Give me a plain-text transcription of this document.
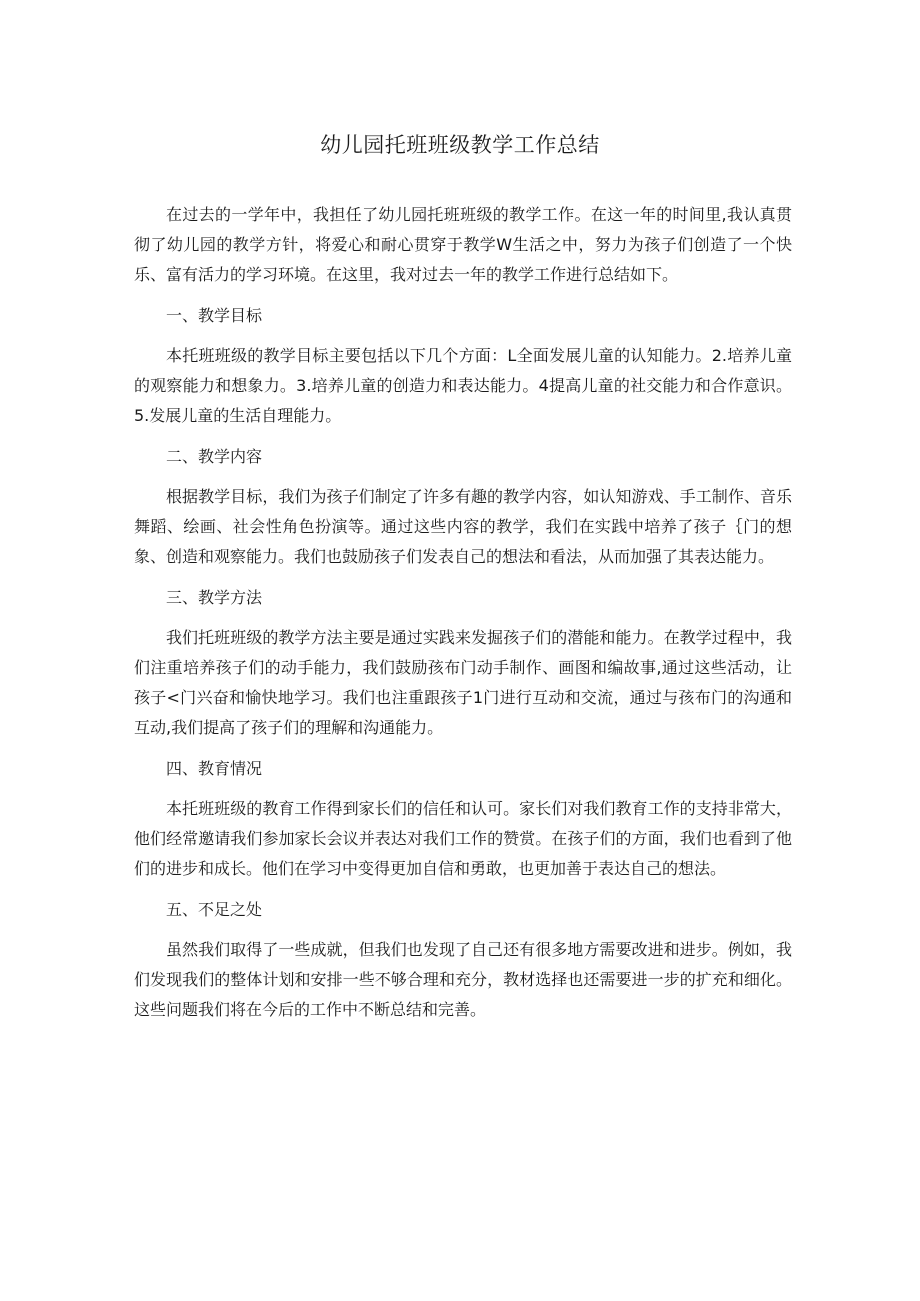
幼儿园托班班级教学工作总结

在过去的一学年中，我担任了幼儿园托班班级的教学工作。在这一年的时间里,我认真贯彻了幼儿园的教学方针，将爱心和耐心贯穿于教学W生活之中，努力为孩子们创造了一个快乐、富有活力的学习环境。在这里，我对过去一年的教学工作进行总结如下。

一、教学目标

本托班班级的教学目标主要包括以下几个方面：L全面发展儿童的认知能力。2.培养儿童的观察能力和想象力。3.培养儿童的创造力和表达能力。4提高儿童的社交能力和合作意识。5.发展儿童的生活自理能力。

二、教学内容

根据教学目标，我们为孩子们制定了许多有趣的教学内容，如认知游戏、手工制作、音乐舞蹈、绘画、社会性角色扮演等。通过这些内容的教学，我们在实践中培养了孩子｛门的想象、创造和观察能力。我们也鼓励孩子们发表自己的想法和看法，从而加强了其表达能力。

三、教学方法

我们托班班级的教学方法主要是通过实践来发掘孩子们的潜能和能力。在教学过程中，我们注重培养孩子们的动手能力，我们鼓励孩布门动手制作、画图和编故事,通过这些活动，让孩子<门兴奋和愉快地学习。我们也注重跟孩子1门进行互动和交流，通过与孩布门的沟通和互动,我们提高了孩子们的理解和沟通能力。

四、教育情况

本托班班级的教育工作得到家长们的信任和认可。家长们对我们教育工作的支持非常大，他们经常邀请我们参加家长会议并表达对我们工作的赞赏。在孩子们的方面，我们也看到了他们的进步和成长。他们在学习中变得更加自信和勇敢，也更加善于表达自己的想法。

五、不足之处

虽然我们取得了一些成就，但我们也发现了自己还有很多地方需要改进和进步。例如，我们发现我们的整体计划和安排一些不够合理和充分，教材选择也还需要进一步的扩充和细化。这些问题我们将在今后的工作中不断总结和完善。
